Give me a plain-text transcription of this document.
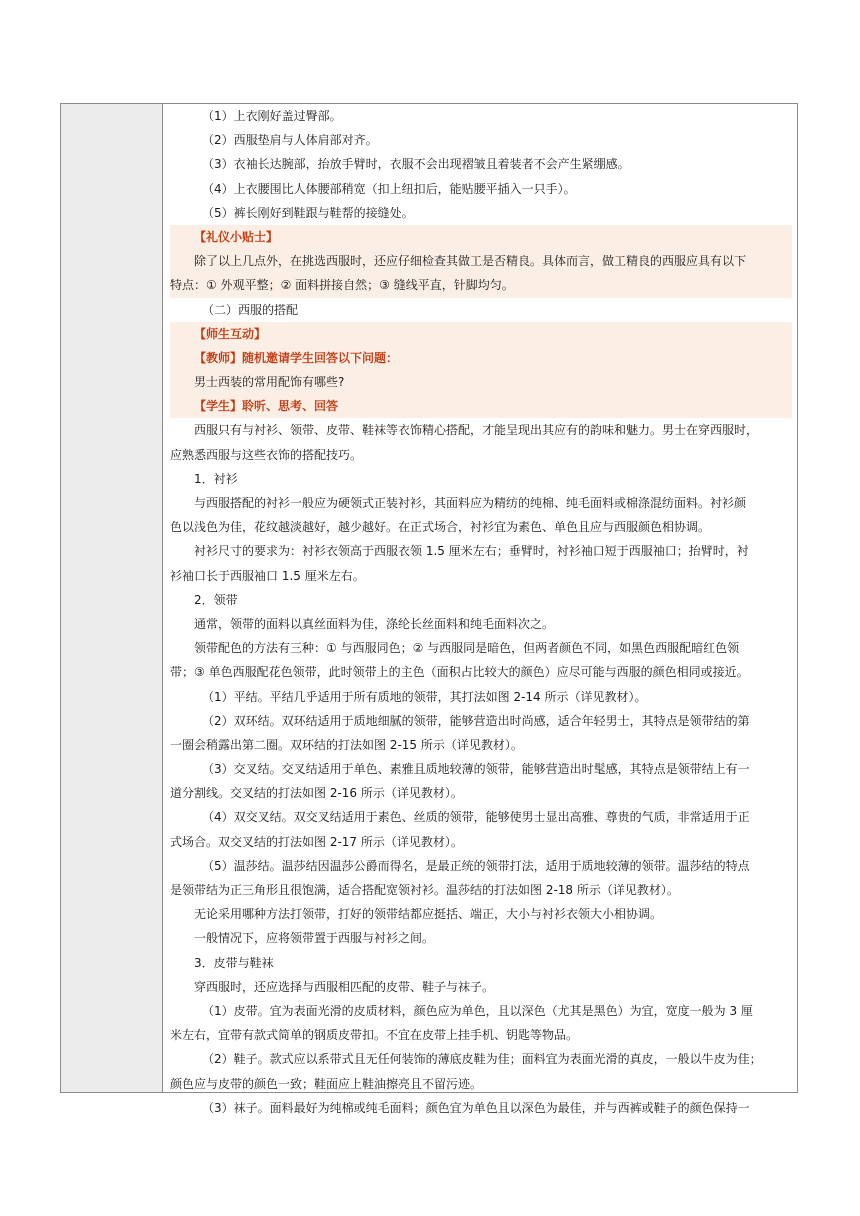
（1）上衣刚好盖过臀部。
（2）西服垫肩与人体肩部对齐。
（3）衣袖长达腕部，抬放手臂时，衣服不会出现褶皱且着装者不会产生紧绷感。
（4）上衣腰围比人体腰部稍宽（扣上纽扣后，能贴腰平插入一只手）。
（5）裤长刚好到鞋跟与鞋帮的接缝处。
【礼仪小贴士】
除了以上几点外，在挑选西服时，还应仔细检查其做工是否精良。具体而言，做工精良的西服应具有以下
特点：① 外观平整；② 面料拼接自然；③ 缝线平直，针脚均匀。
（二）西服的搭配
【师生互动】
【教师】随机邀请学生回答以下问题：
男士西装的常用配饰有哪些?
【学生】聆听、思考、回答
西服只有与衬衫、领带、皮带、鞋袜等衣饰精心搭配，才能呈现出其应有的韵味和魅力。男士在穿西服时，
应熟悉西服与这些衣饰的搭配技巧。
1．衬衫
与西服搭配的衬衫一般应为硬领式正装衬衫，其面料应为精纺的纯棉、纯毛面料或棉涤混纺面料。衬衫颜
色以浅色为佳，花纹越淡越好，越少越好。在正式场合，衬衫宜为素色、单色且应与西服颜色相协调。
衬衫尺寸的要求为：衬衫衣领高于西服衣领 1.5 厘米左右；垂臂时，衬衫袖口短于西服袖口；抬臂时，衬
衫袖口长于西服袖口 1.5 厘米左右。
2．领带
通常，领带的面料以真丝面料为佳，涤纶长丝面料和纯毛面料次之。
领带配色的方法有三种：① 与西服同色；② 与西服同是暗色，但两者颜色不同，如黑色西服配暗红色领
带；③ 单色西服配花色领带，此时领带上的主色（面积占比较大的颜色）应尽可能与西服的颜色相同或接近。
（1）平结。平结几乎适用于所有质地的领带，其打法如图 2-14 所示（详见教材）。
（2）双环结。双环结适用于质地细腻的领带，能够营造出时尚感，适合年轻男士，其特点是领带结的第
一圈会稍露出第二圈。双环结的打法如图 2-15 所示（详见教材）。
（3）交叉结。交叉结适用于单色、素雅且质地较薄的领带，能够营造出时髦感，其特点是领带结上有一
道分割线。交叉结的打法如图 2-16 所示（详见教材）。
（4）双交叉结。双交叉结适用于素色、丝质的领带，能够使男士显出高雅、尊贵的气质，非常适用于正
式场合。双交叉结的打法如图 2-17 所示（详见教材）。
（5）温莎结。温莎结因温莎公爵而得名，是最正统的领带打法，适用于质地较薄的领带。温莎结的特点
是领带结为正三角形且很饱满，适合搭配宽领衬衫。温莎结的打法如图 2-18 所示（详见教材）。
无论采用哪种方法打领带，打好的领带结都应挺括、端正，大小与衬衫衣领大小相协调。
一般情况下，应将领带置于西服与衬衫之间。
3．皮带与鞋袜
穿西服时，还应选择与西服相匹配的皮带、鞋子与袜子。
（1）皮带。宜为表面光滑的皮质材料，颜色应为单色，且以深色（尤其是黑色）为宜，宽度一般为 3 厘
米左右，宜带有款式简单的钢质皮带扣。不宜在皮带上挂手机、钥匙等物品。
（2）鞋子。款式应以系带式且无任何装饰的薄底皮鞋为佳；面料宜为表面光滑的真皮，一般以牛皮为佳；
颜色应与皮带的颜色一致；鞋面应上鞋油擦亮且不留污迹。
（3）袜子。面料最好为纯棉或纯毛面料；颜色宜为单色且以深色为最佳，并与西裤或鞋子的颜色保持一
